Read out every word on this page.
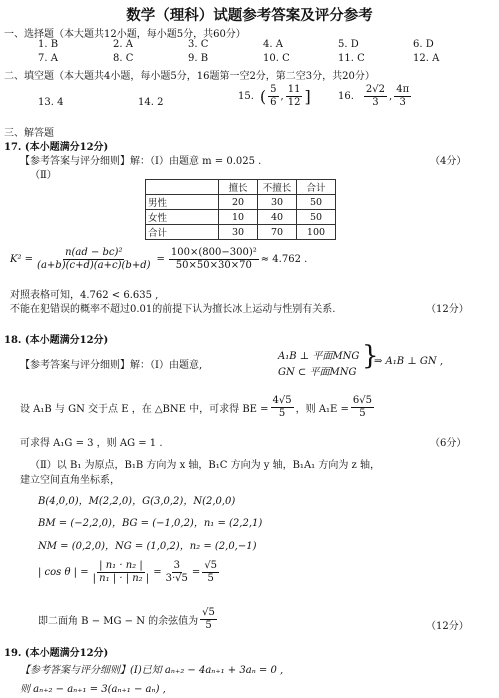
数学（理科）试题参考答案及评分参考
一、选择题（本大题共12小题，每小题5分，共60分）
1. B	2. A	3. C	4. A	5. D	6. D
7. A	8. C	9. B	10. C	11. C	12. A
二、填空题（本大题共4小题，每小题5分，16题第一空2分，第二空3分，共20分）
13. 4	14. 2
15. ( $\frac{5}{6}$ , $\frac{11}{12}$ ]	16. $\frac{2√2}{3}$ , $\frac{4\pi}{3}$
三、解答题
17. (本小题满分12分)
【参考答案与评分细则】解：（Ⅰ）由题意 m = 0.025 .	（4分）
（Ⅱ）
	擅长	不擅长	合计
男性	20	30	50
女性	10	40	50
合计	30	70	100
$K^2 = \frac{\text{n(ad − bc)²}}{(a+b)(c+d)(a+c)(b+d)} = \frac{\text{100×(800−300)²}}{50\times 50\times 30\times 70} \approx 4.762$ .
对照表格可知，4.762 < 6.635 ,
不能在犯错误的概率不超过0.01的前提下认为擅长冰上运动与性别有关系.	（12分）
18. (本小题满分12分)
【参考答案与评分细则】解：（Ⅰ）由题意,
A₁B ⊥ 平面MNG
GN ⊂ 平面MNG
}
⇒ A₁B ⊥ GN ,
设 A₁B 与 GN 交于点 E ，在 △BNE 中，可求得 BE = $\frac{4√5}{5}$ ，则 $A_1E = \frac{6√5}{5}$
可求得 A₁G = 3 ，则 AG = 1 .	（6分）
（Ⅱ）以 B₁ 为原点，B₁B 方向为 x 轴，B₁C 方向为 y 轴，B₁A₁ 方向为 z 轴，
建立空间直角坐标系，
B(4,0,0)，M(2,2,0)，G(3,0,2)，N(2,0,0)
BM = (−2,2,0)，BG = (−1,0,2)，n₁ = (2,2,1)
NM = (0,2,0)，NG = (1,0,2)，n₂ = (2,0,−1)
| cos θ | = $\frac{\text{| n₁ · n₂ |}}{\text{| n₁ | · | n₂ |}} = \frac{3}{3\cdot√5} = \frac{√5}{5}$
即二面角 B − MG − N 的余弦值为 $\frac{√5}{5}$	（12分）
19. (本小题满分12分)
【参考答案与评分细则】(Ⅰ)已知 aₙ₊₂ − 4aₙ₊₁ + 3aₙ = 0 ,
则 aₙ₊₂ − aₙ₊₁ = 3(aₙ₊₁ − aₙ) ,
